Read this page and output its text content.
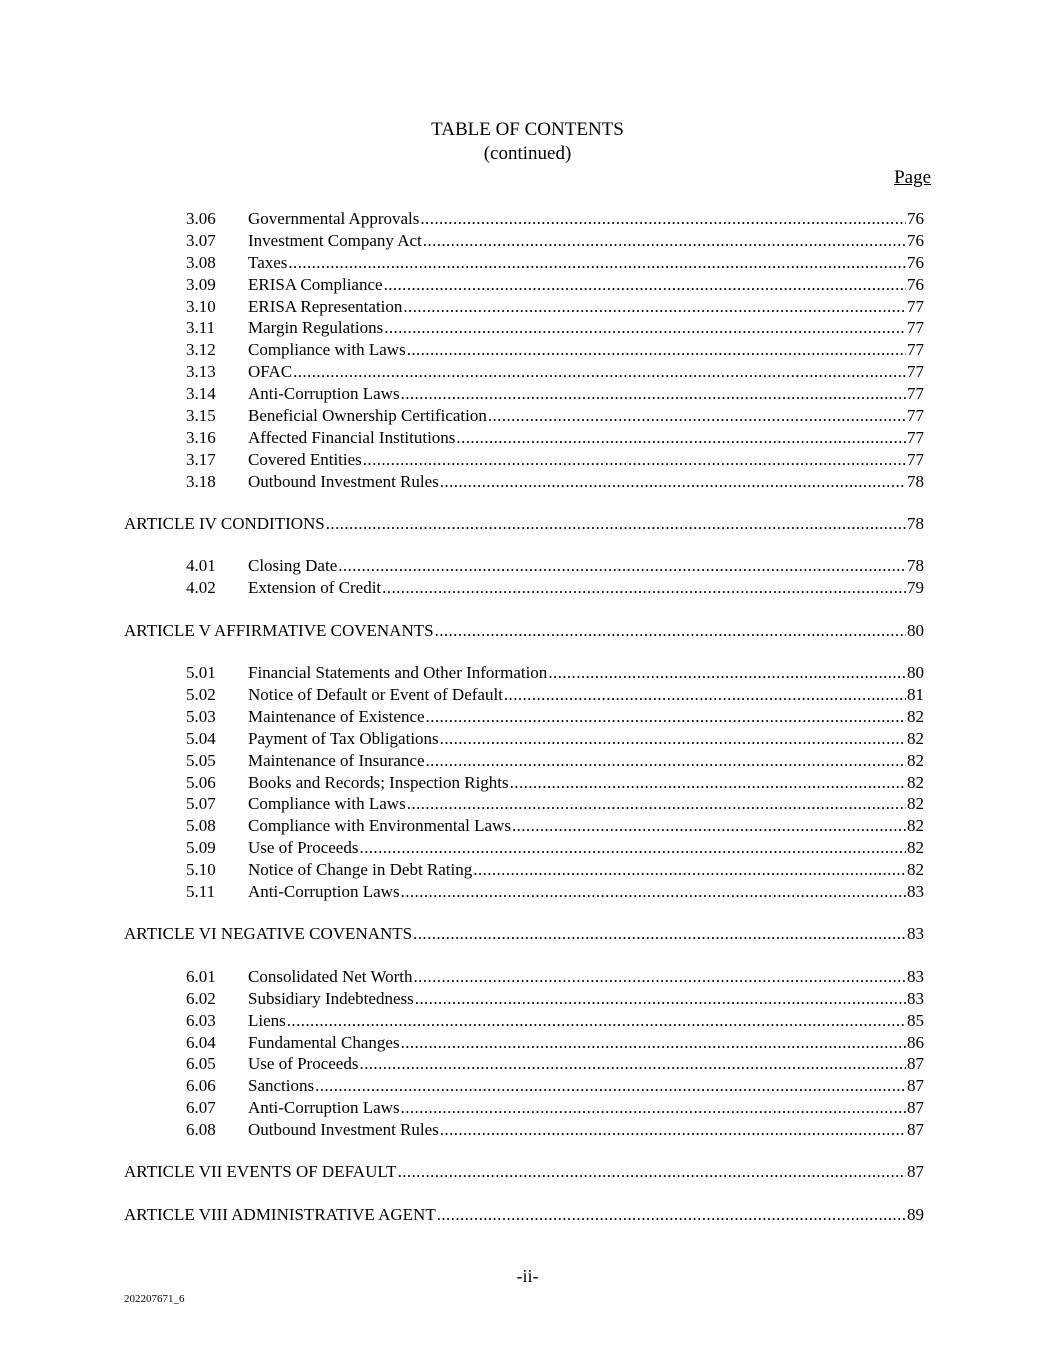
TABLE OF CONTENTS
(continued)
Page
3.06	Governmental Approvals .....	76
3.07	Investment Company Act .....	76
3.08	Taxes .....	76
3.09	ERISA Compliance .....	76
3.10	ERISA Representation .....	77
3.11	Margin Regulations .....	77
3.12	Compliance with Laws .....	77
3.13	OFAC .....	77
3.14	Anti-Corruption Laws .....	77
3.15	Beneficial Ownership Certification .....	77
3.16	Affected Financial Institutions .....	77
3.17	Covered Entities .....	77
3.18	Outbound Investment Rules .....	78
ARTICLE IV CONDITIONS .....	78
4.01	Closing Date .....	78
4.02	Extension of Credit .....	79
ARTICLE V AFFIRMATIVE COVENANTS .....	80
5.01	Financial Statements and Other Information .....	80
5.02	Notice of Default or Event of Default .....	81
5.03	Maintenance of Existence .....	82
5.04	Payment of Tax Obligations .....	82
5.05	Maintenance of Insurance .....	82
5.06	Books and Records; Inspection Rights .....	82
5.07	Compliance with Laws .....	82
5.08	Compliance with Environmental Laws .....	82
5.09	Use of Proceeds .....	82
5.10	Notice of Change in Debt Rating .....	82
5.11	Anti-Corruption Laws .....	83
ARTICLE VI NEGATIVE COVENANTS .....	83
6.01	Consolidated Net Worth .....	83
6.02	Subsidiary Indebtedness .....	83
6.03	Liens .....	85
6.04	Fundamental Changes .....	86
6.05	Use of Proceeds .....	87
6.06	Sanctions .....	87
6.07	Anti-Corruption Laws .....	87
6.08	Outbound Investment Rules .....	87
ARTICLE VII EVENTS OF DEFAULT .....	87
ARTICLE VIII ADMINISTRATIVE AGENT .....	89
-ii-
202207671_6
